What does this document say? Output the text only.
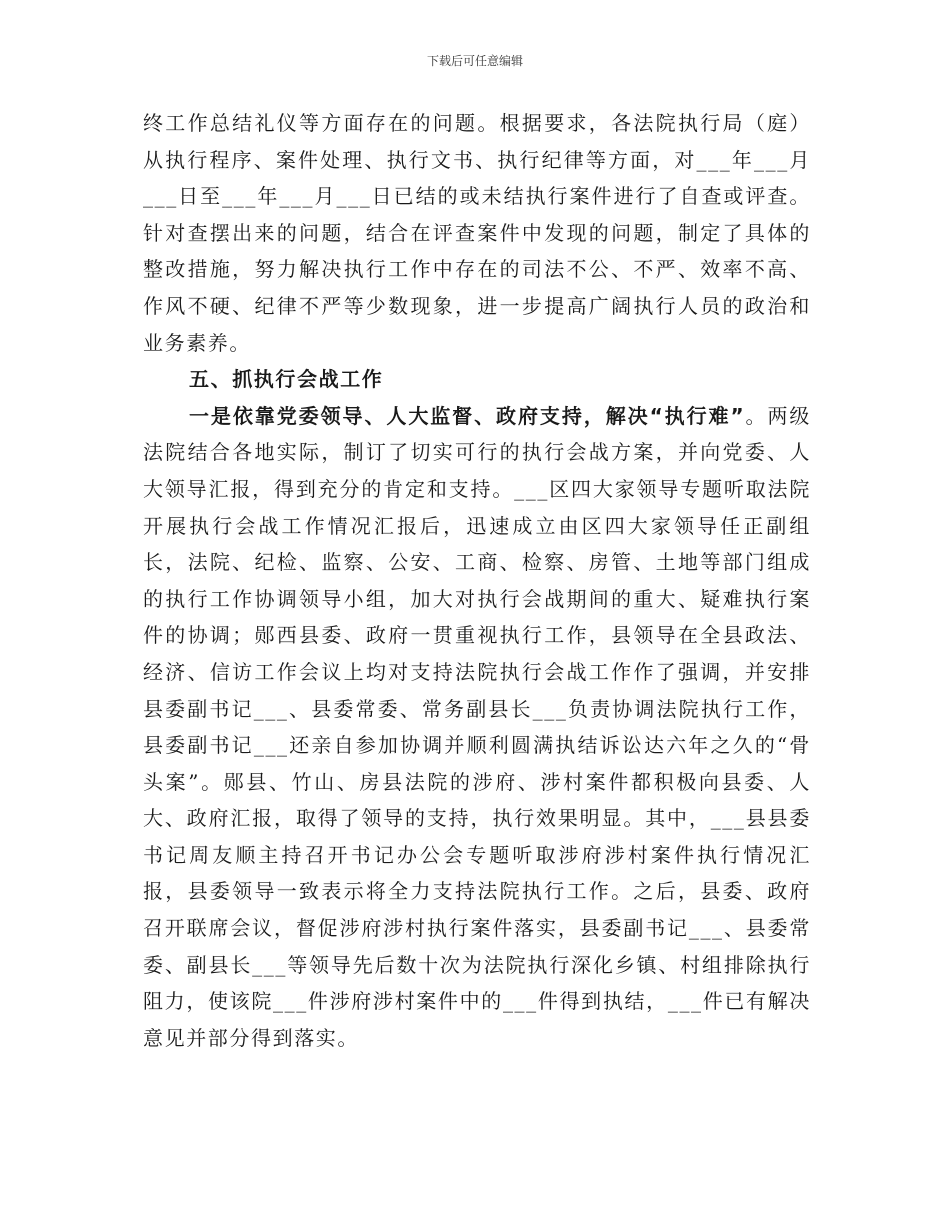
下载后可任意编辑

终工作总结礼仪等方面存在的问题。根据要求，各法院执行局（庭）从执行程序、案件处理、执行文书、执行纪律等方面，对___年___月___日至___年___月___日已结的或未结执行案件进行了自查或评查。针对查摆出来的问题，结合在评查案件中发现的问题，制定了具体的整改措施，努力解决执行工作中存在的司法不公、不严、效率不高、作风不硬、纪律不严等少数现象，进一步提高广阔执行人员的政治和业务素养。

五、抓执行会战工作

一是依靠党委领导、人大监督、政府支持，解决“执行难”。两级法院结合各地实际，制订了切实可行的执行会战方案，并向党委、人大领导汇报，得到充分的肯定和支持。___区四大家领导专题听取法院开展执行会战工作情况汇报后，迅速成立由区四大家领导任正副组长，法院、纪检、监察、公安、工商、检察、房管、土地等部门组成的执行工作协调领导小组，加大对执行会战期间的重大、疑难执行案件的协调；郧西县委、政府一贯重视执行工作，县领导在全县政法、经济、信访工作会议上均对支持法院执行会战工作作了强调，并安排县委副书记___、县委常委、常务副县长___负责协调法院执行工作，县委副书记___还亲自参加协调并顺利圆满执结诉讼达六年之久的“骨头案”。郧县、竹山、房县法院的涉府、涉村案件都积极向县委、人大、政府汇报，取得了领导的支持，执行效果明显。其中，___县县委书记周友顺主持召开书记办公会专题听取涉府涉村案件执行情况汇报，县委领导一致表示将全力支持法院执行工作。之后，县委、政府召开联席会议，督促涉府涉村执行案件落实，县委副书记___、县委常委、副县长___等领导先后数十次为法院执行深化乡镇、村组排除执行阻力，使该院___件涉府涉村案件中的___件得到执结，___件已有解决意见并部分得到落实。
